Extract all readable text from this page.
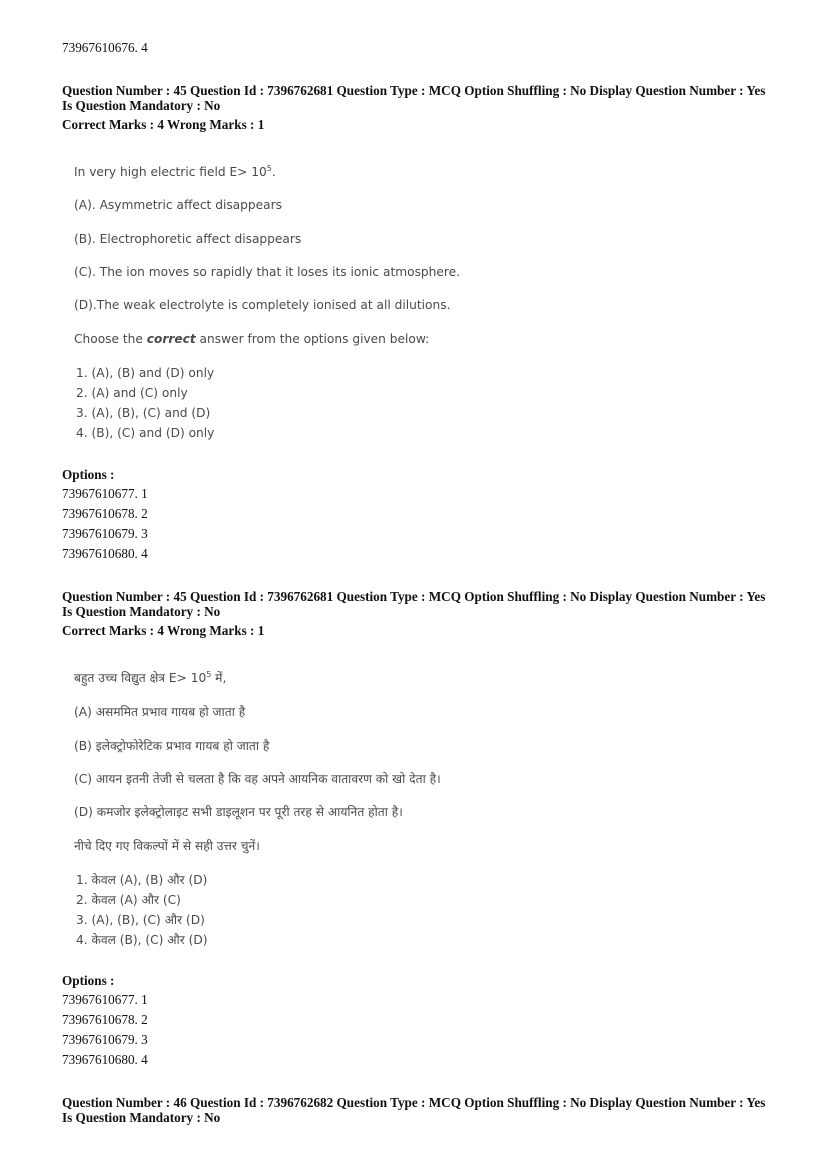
73967610676. 4
Question Number : 45 Question Id : 7396762681 Question Type : MCQ Option Shuffling : No Display Question Number : Yes
Is Question Mandatory : No
Correct Marks : 4 Wrong Marks : 1
In very high electric field $E> 10^5$.
(A). Asymmetric affect disappears
(B). Electrophoretic affect disappears
(C). The ion moves so rapidly that it loses its ionic atmosphere.
(D).The weak electrolyte is completely ionised at all dilutions.
Choose the correct answer from the options given below:
1. (A), (B) and (D) only
2. (A) and (C) only
3. (A), (B), (C) and (D)
4. (B), (C) and (D) only
Options :
73967610677. 1
73967610678. 2
73967610679. 3
73967610680. 4
Question Number : 45 Question Id : 7396762681 Question Type : MCQ Option Shuffling : No Display Question Number : Yes
Is Question Mandatory : No
Correct Marks : 4 Wrong Marks : 1
बहुत उच्च विद्युत क्षेत्र $E> 10^5$ में,
(A) असममित प्रभाव गायब हो जाता है
(B) इलेक्ट्रोफोरेटिक प्रभाव गायब हो जाता है
(C) आयन इतनी तेजी से चलता है कि वह अपने आयनिक वातावरण को खो देता है।
(D) कमजोर इलेक्ट्रोलाइट सभी डाइलूशन पर पूरी तरह से आयनित होता है।
नीचे दिए गए विकल्पों में से सही उत्तर चुनें।
1. केवल (A), (B) और (D)
2. केवल (A) और (C)
3. (A), (B), (C) और (D)
4. केवल (B), (C) और (D)
Options :
73967610677. 1
73967610678. 2
73967610679. 3
73967610680. 4
Question Number : 46 Question Id : 7396762682 Question Type : MCQ Option Shuffling : No Display Question Number : Yes
Is Question Mandatory : No
